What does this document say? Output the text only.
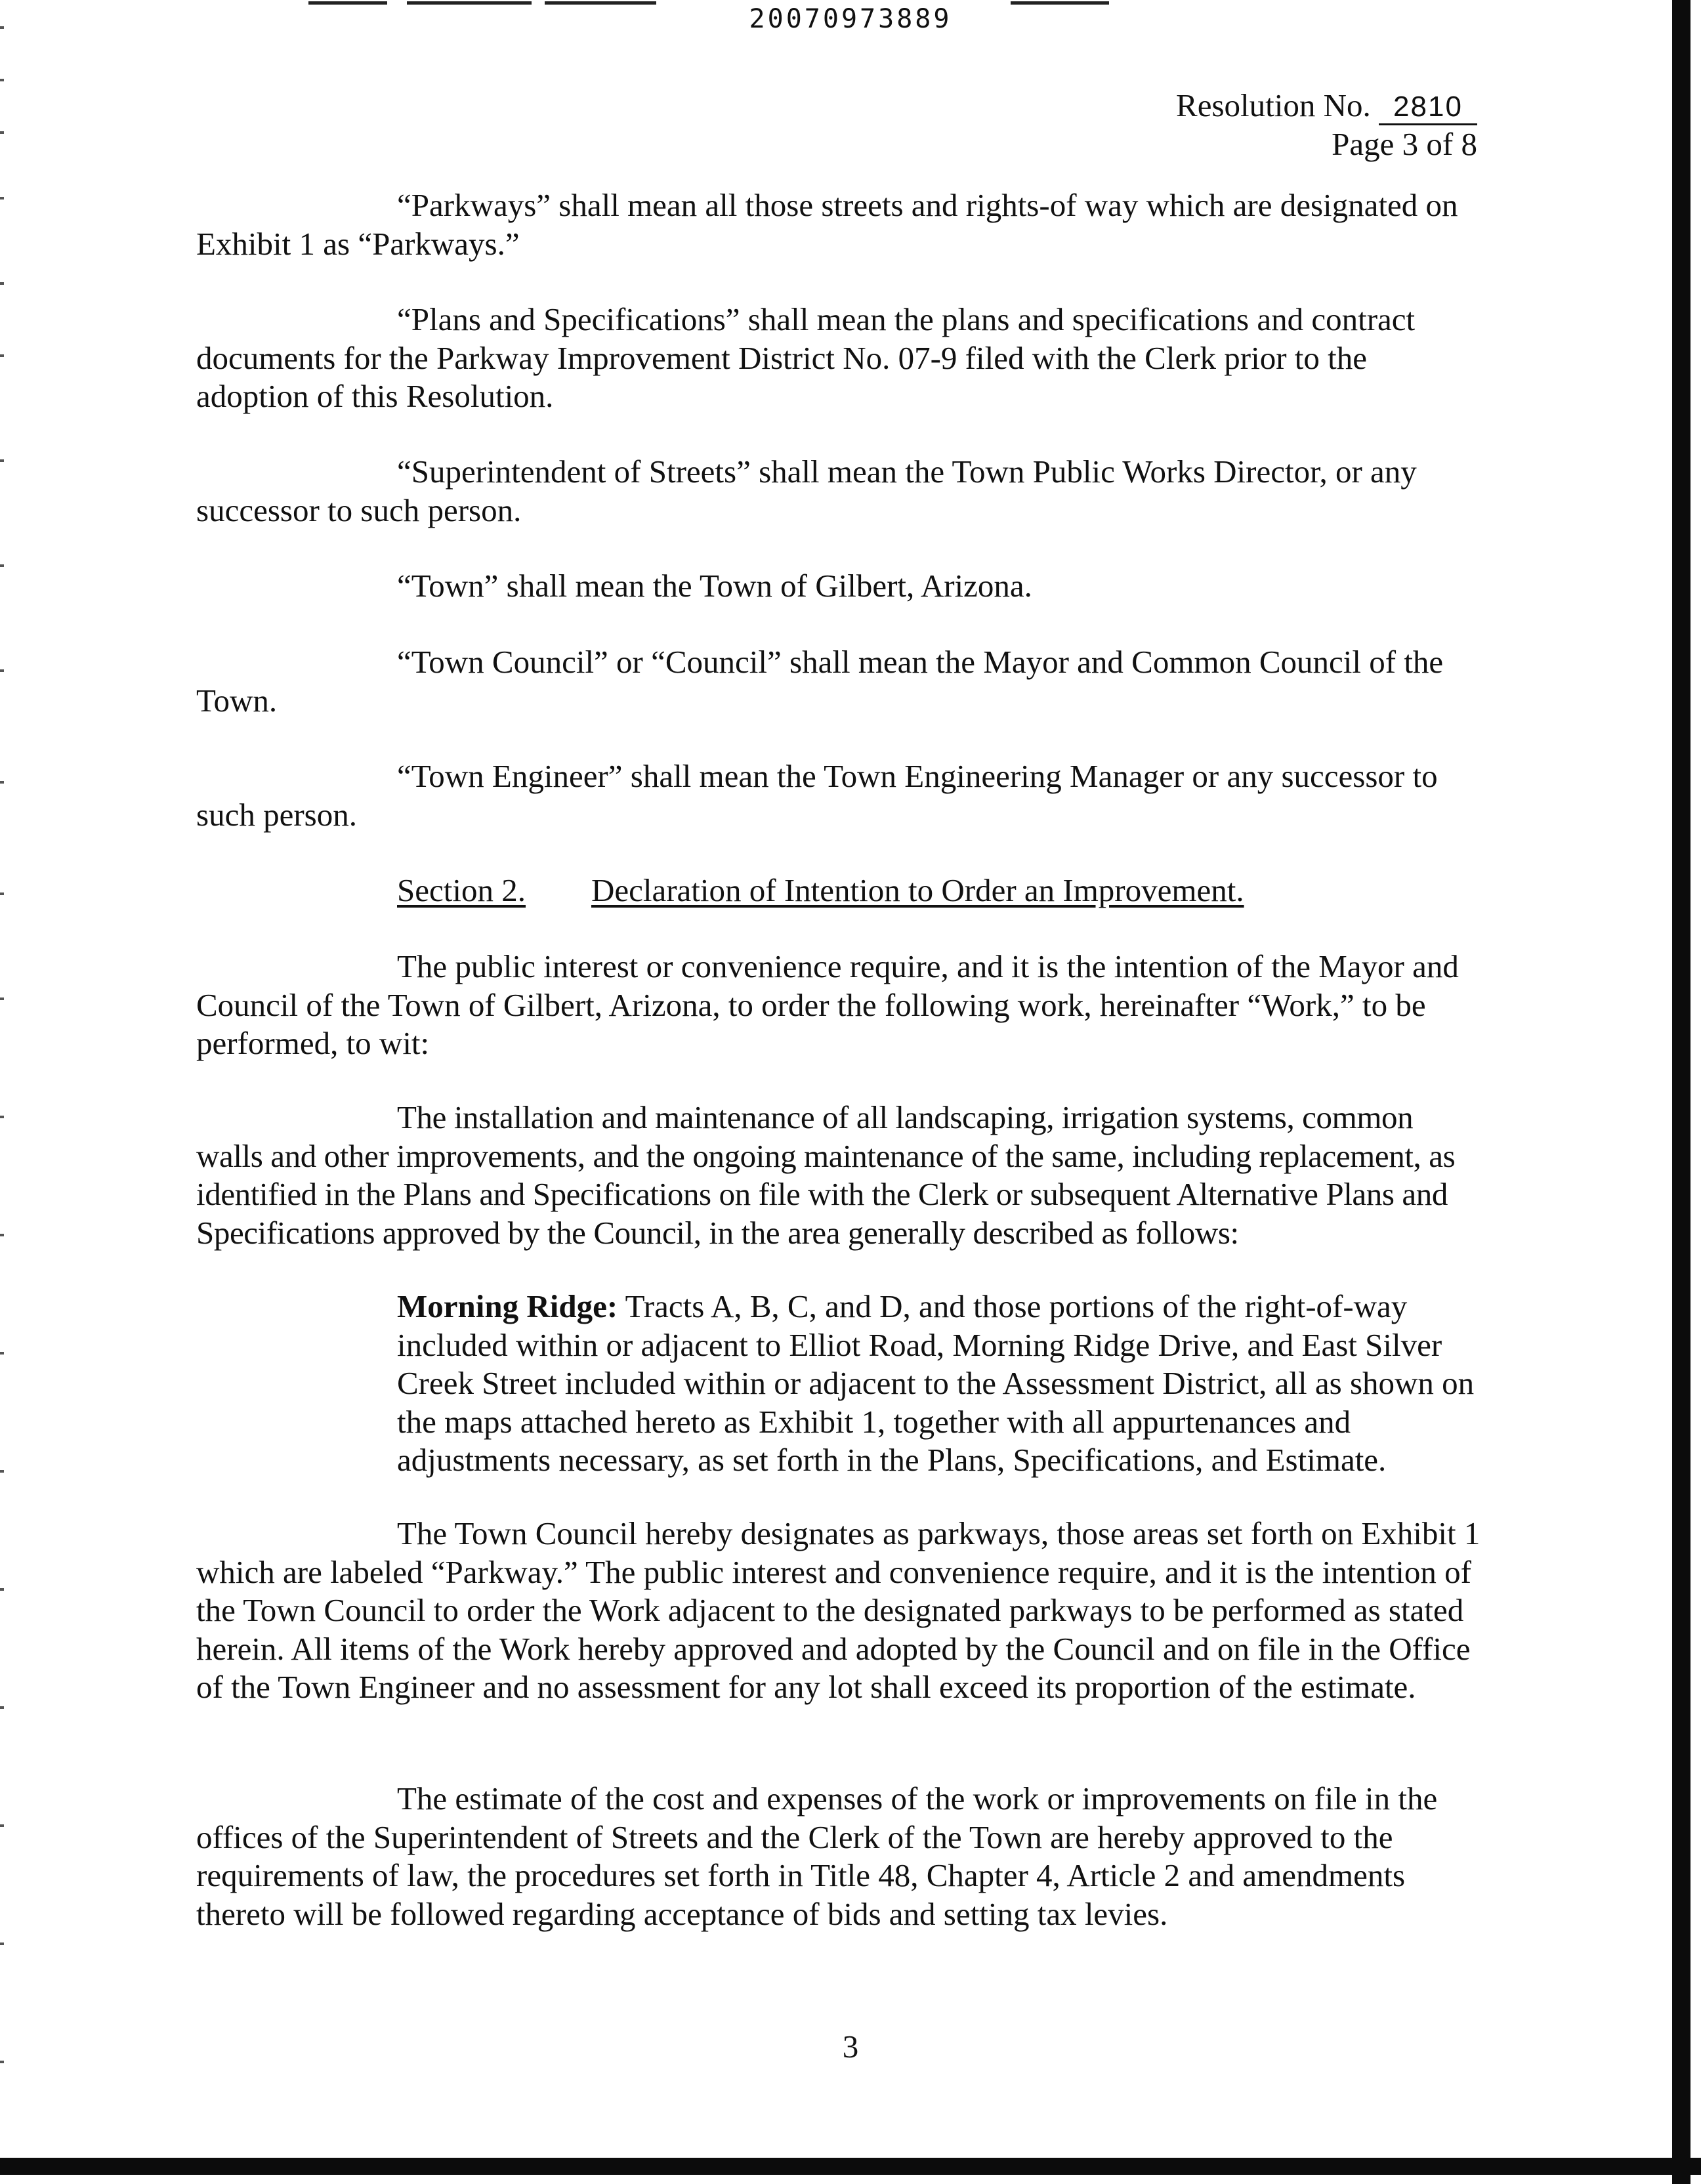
20070973889
Resolution No. 2810
Page 3 of 8
“Parkways” shall mean all those streets and rights-of way which are designated on Exhibit 1 as “Parkways.”
“Plans and Specifications” shall mean the plans and specifications and contract documents for the Parkway Improvement District No. 07-9 filed with the Clerk prior to the adoption of this Resolution.
“Superintendent of Streets” shall mean the Town Public Works Director, or any successor to such person.
“Town” shall mean the Town of Gilbert, Arizona.
“Town Council” or “Council” shall mean the Mayor and Common Council of the Town.
“Town Engineer” shall mean the Town Engineering Manager or any successor to such person.
Section 2. Declaration of Intention to Order an Improvement.
The public interest or convenience require, and it is the intention of the Mayor and Council of the Town of Gilbert, Arizona, to order the following work, hereinafter “Work,” to be performed, to wit:
The installation and maintenance of all landscaping, irrigation systems, common walls and other improvements, and the ongoing maintenance of the same, including replacement, as identified in the Plans and Specifications on file with the Clerk or subsequent Alternative Plans and Specifications approved by the Council, in the area generally described as follows:
Morning Ridge: Tracts A, B, C, and D, and those portions of the right-of-way included within or adjacent to Elliot Road, Morning Ridge Drive, and East Silver Creek Street included within or adjacent to the Assessment District, all as shown on the maps attached hereto as Exhibit 1, together with all appurtenances and adjustments necessary, as set forth in the Plans, Specifications, and Estimate.
The Town Council hereby designates as parkways, those areas set forth on Exhibit 1 which are labeled “Parkway.” The public interest and convenience require, and it is the intention of the Town Council to order the Work adjacent to the designated parkways to be performed as stated herein. All items of the Work hereby approved and adopted by the Council and on file in the Office of the Town Engineer and no assessment for any lot shall exceed its proportion of the estimate.
The estimate of the cost and expenses of the work or improvements on file in the offices of the Superintendent of Streets and the Clerk of the Town are hereby approved to the requirements of law, the procedures set forth in Title 48, Chapter 4, Article 2 and amendments thereto will be followed regarding acceptance of bids and setting tax levies.
3
